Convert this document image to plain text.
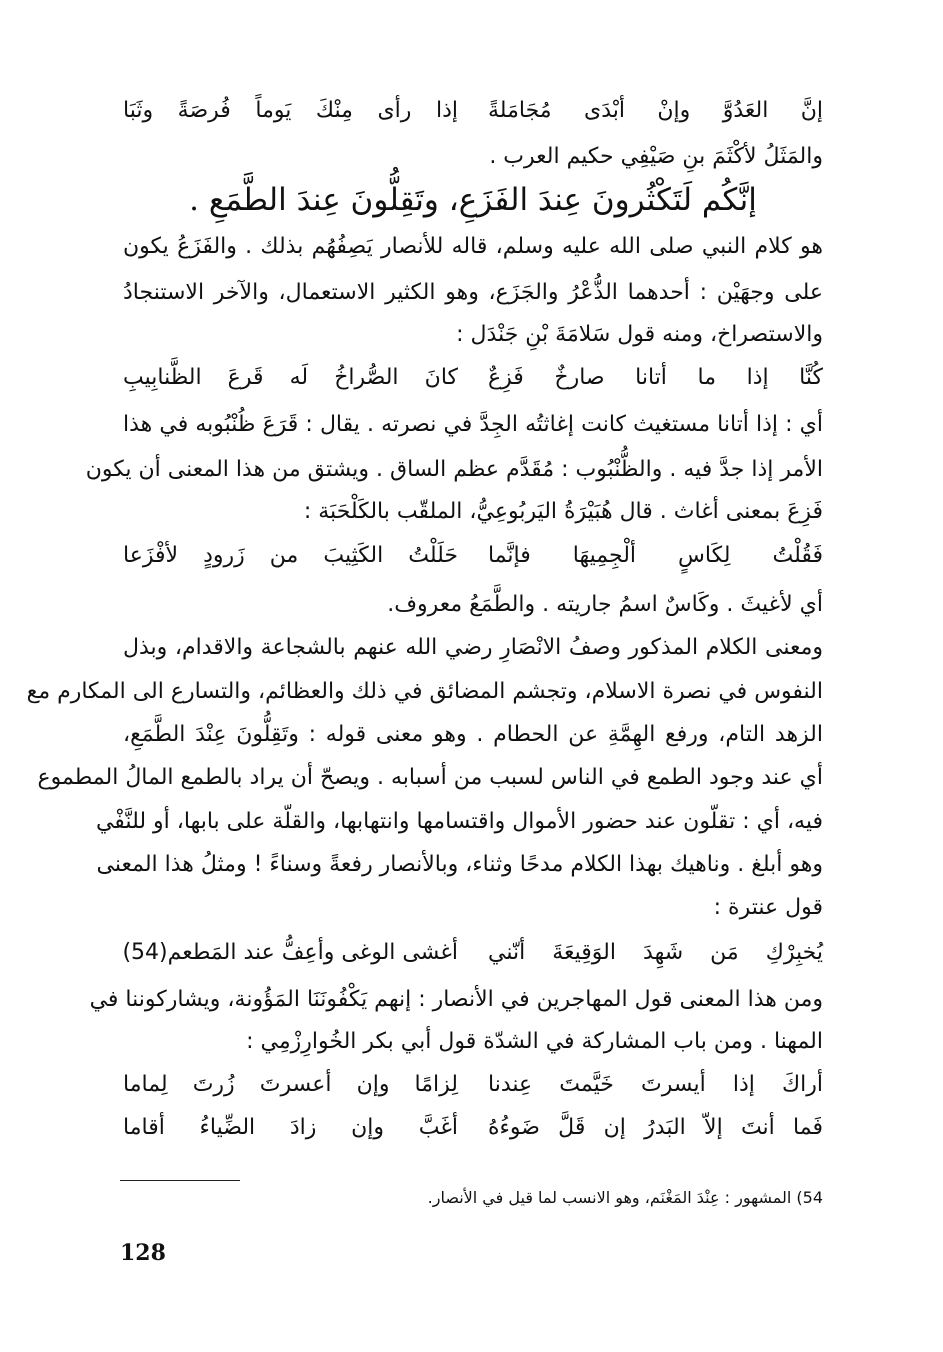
إنَّ العَدُوَّ وإنْ أبْدَى مُجَامَلةً
إذا رأى مِنْكَ يَوماً فُرصَةً وثَبَا
والمَثَلُ لأكْثَمَ بنِ صَيْفِي حكيم العرب .
إنَّكُم لَتَكْثُرونَ عِندَ الفَزَعِ، وتَقِلُّونَ عِندَ الطَّمَعِ .
هو كلام النبي صلى الله عليه وسلم، قاله للأنصار يَصِفُهُم بذلك . والفَزَعُ يكون
على وجهَيْن : أحدهما الذُّعْرُ والجَزَع، وهو الكثير الاستعمال، والآخر الاستنجادُ
والاستصراخ، ومنه قول سَلامَةَ بْنِ جَنْدَل :
كُنَّا إذا ما أتانا صارخٌ فَزِعٌ
كانَ الصُّراخُ لَه قَرعَ الظَّنابِيبِ
أي : إذا أتانا مستغيث كانت إغاثتُه الجِدَّ في نصرته . يقال : قَرَعَ ظُنْبُوبه في هذا
الأمر إذا جدَّ فيه . والظُّنْبُوب : مُقَدَّم عظم الساق . ويشتق من هذا المعنى أن يكون
فَزِعَ بمعنى أغاث . قال هُبَيْرَةُ اليَربُوعِيُّ، الملقّب بالكَلْحَبَة :
فَقُلْتُ لِكَاسٍ ألْجِمِيهَا فإنَّما
حَلَلْتُ الكَثِيبَ من زَرودٍ لأفْزَعا
أي لأغيثَ . وكَاسٌ اسمُ جاريته . والطَّمَعُ معروف.
ومعنى الكلام المذكور وصفُ الانْصَارِ رضي الله عنهم بالشجاعة والاقدام، وبذل
النفوس في نصرة الاسلام، وتجشم المضائق في ذلك والعظائم، والتسارع الى المكارم مع
الزهد التام، ورفع الهِمَّةِ عن الحطام . وهو معنى قوله : وتَقِلُّونَ عِنْدَ الطَّمَعِ،
أي عند وجود الطمع في الناس لسبب من أسبابه . ويصحّ أن يراد بالطمع المالُ المطموع
فيه، أي : تقلّون عند حضور الأموال واقتسامها وانتهابها، والقلّة على بابها، أو للنَّفْي
وهو أبلغ . وناهيك بهذا الكلام مدحًا وثناء، وبالأنصار رفعةً وسناءً ! ومثلُ هذا المعنى
قول عنترة :
يُخبِرْكِ مَن شَهِدَ الوَقِيعَةَ أنّني
أغشى الوغى وأعِفُّ عند المَطعم(54)
ومن هذا المعنى قول المهاجرين في الأنصار : إنهم يَكْفُونَنَا المَؤُونة، ويشاركوننا في
المهنا . ومن باب المشاركة في الشدّة قول أبي بكر الخُوارِزْمِي :
أراكَ إذا أيسرتَ خَيَّمتَ عِندنا
لِزامًا وإن أعسرتَ زُرتَ لِماما
فَما أنتَ إلاّ البَدرُ إن قَلَّ ضَوءُهُ
أغَبَّ وإن زادَ الضِّياءُ أقاما
54) المشهور : عِنْدَ المَغْنَم، وهو الانسب لما قيل في الأنصار.
128
